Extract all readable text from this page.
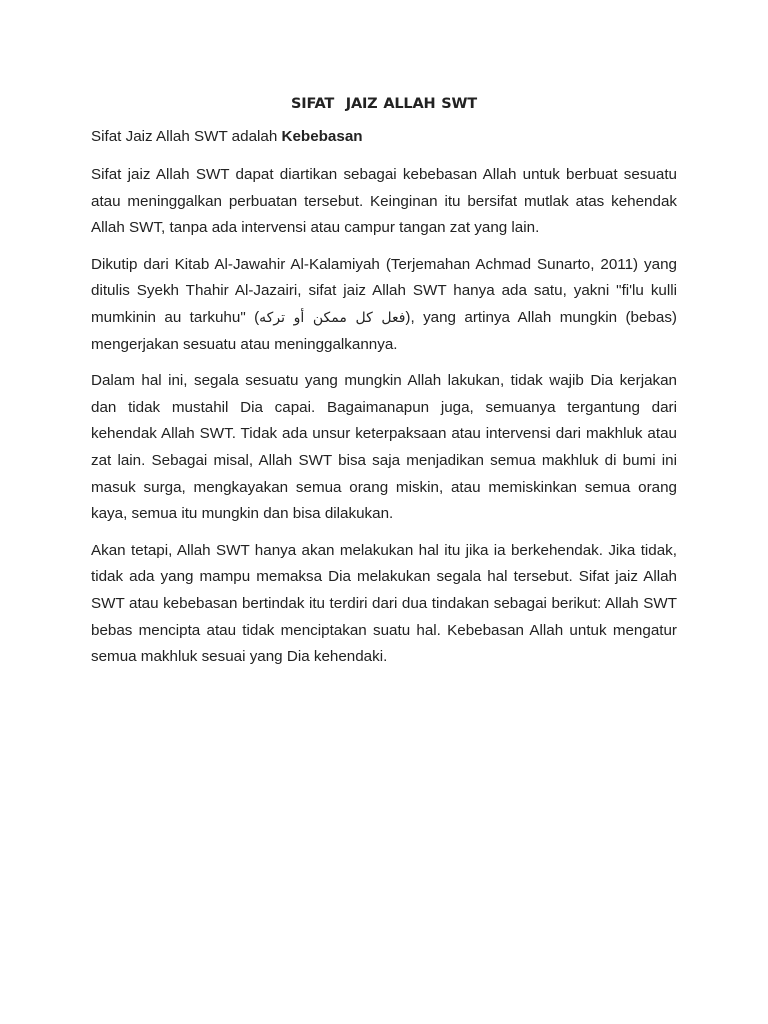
SIFAT  JAIZ ALLAH SWT
Sifat Jaiz Allah SWT adalah Kebebasan

Sifat jaiz Allah SWT dapat diartikan sebagai kebebasan Allah untuk berbuat sesuatu atau meninggalkan perbuatan tersebut. Keinginan itu bersifat mutlak atas kehendak Allah SWT, tanpa ada intervensi atau campur tangan zat yang lain.

Dikutip dari Kitab Al-Jawahir Al-Kalamiyah (Terjemahan Achmad Sunarto, 2011) yang ditulis Syekh Thahir Al-Jazairi, sifat jaiz Allah SWT hanya ada satu, yakni "fi'lu kulli mumkinin au tarkuhu" (فعل كل ممكن أو تركه), yang artinya Allah mungkin (bebas) mengerjakan sesuatu atau meninggalkannya.

Dalam hal ini, segala sesuatu yang mungkin Allah lakukan, tidak wajib Dia kerjakan dan tidak mustahil Dia capai. Bagaimanapun juga, semuanya tergantung dari kehendak Allah SWT. Tidak ada unsur keterpaksaan atau intervensi dari makhluk atau zat lain. Sebagai misal, Allah SWT bisa saja menjadikan semua makhluk di bumi ini masuk surga, mengkayakan semua orang miskin, atau memiskinkan semua orang kaya, semua itu mungkin dan bisa dilakukan.

Akan tetapi, Allah SWT hanya akan melakukan hal itu jika ia berkehendak. Jika tidak, tidak ada yang mampu memaksa Dia melakukan segala hal tersebut. Sifat jaiz Allah SWT atau kebebasan bertindak itu terdiri dari dua tindakan sebagai berikut: Allah SWT bebas mencipta atau tidak menciptakan suatu hal. Kebebasan Allah untuk mengatur semua makhluk sesuai yang Dia kehendaki.
